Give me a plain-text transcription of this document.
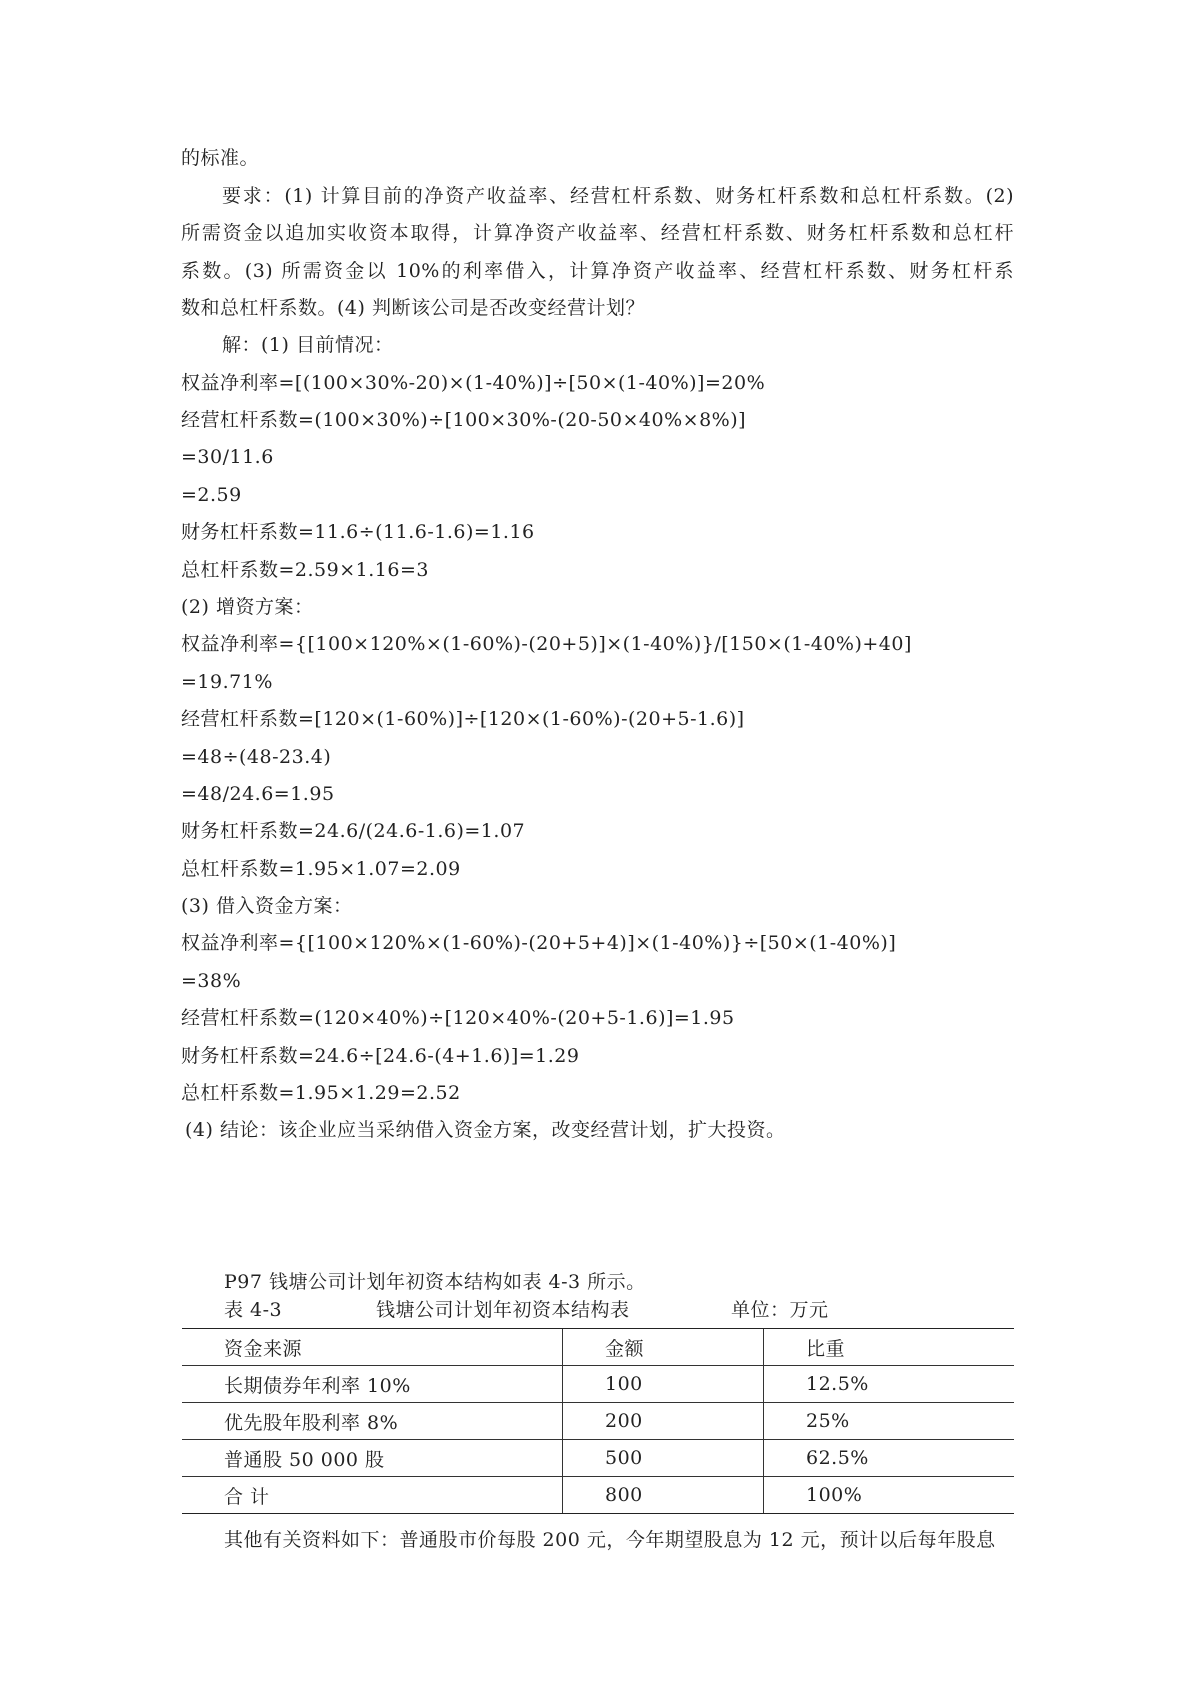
的标准。
要求：(1) 计算目前的净资产收益率、经营杠杆系数、财务杠杆系数和总杠杆系数。(2)
所需资金以追加实收资本取得，计算净资产收益率、经营杠杆系数、财务杠杆系数和总杠杆
系数。(3) 所需资金以 10%的利率借入，计算净资产收益率、经营杠杆系数、财务杠杆系
数和总杠杆系数。(4) 判断该公司是否改变经营计划？
解：(1) 目前情况：
权益净利率=[(100×30%-20)×(1-40%)]÷[50×(1-40%)]=20%
经营杠杆系数=(100×30%)÷[100×30%-(20-50×40%×8%)]
=30/11.6
=2.59
财务杠杆系数=11.6÷(11.6-1.6)=1.16
总杠杆系数=2.59×1.16=3
(2) 增资方案：
权益净利率={[100×120%×(1-60%)-(20+5)]×(1-40%)}/[150×(1-40%)+40]
=19.71%
经营杠杆系数=[120×(1-60%)]÷[120×(1-60%)-(20+5-1.6)]
=48÷(48-23.4)
=48/24.6=1.95
财务杠杆系数=24.6/(24.6-1.6)=1.07
总杠杆系数=1.95×1.07=2.09
(3) 借入资金方案：
权益净利率={[100×120%×(1-60%)-(20+5+4)]×(1-40%)}÷[50×(1-40%)]
=38%
经营杠杆系数=(120×40%)÷[120×40%-(20+5-1.6)]=1.95
财务杠杆系数=24.6÷[24.6-(4+1.6)]=1.29
总杠杆系数=1.95×1.29=2.52
(4) 结论：该企业应当采纳借入资金方案，改变经营计划，扩大投资。
P97 钱塘公司计划年初资本结构如表 4-3 所示。
表 4-3	钱塘公司计划年初资本结构表	单位：万元
资金来源	金额	比重
长期债券年利率 10%	100	12.5%
优先股年股利率 8%	200	25%
普通股 50 000 股	500	62.5%
合 计	800	100%
其他有关资料如下：普通股市价每股 200 元，今年期望股息为 12 元，预计以后每年股息
